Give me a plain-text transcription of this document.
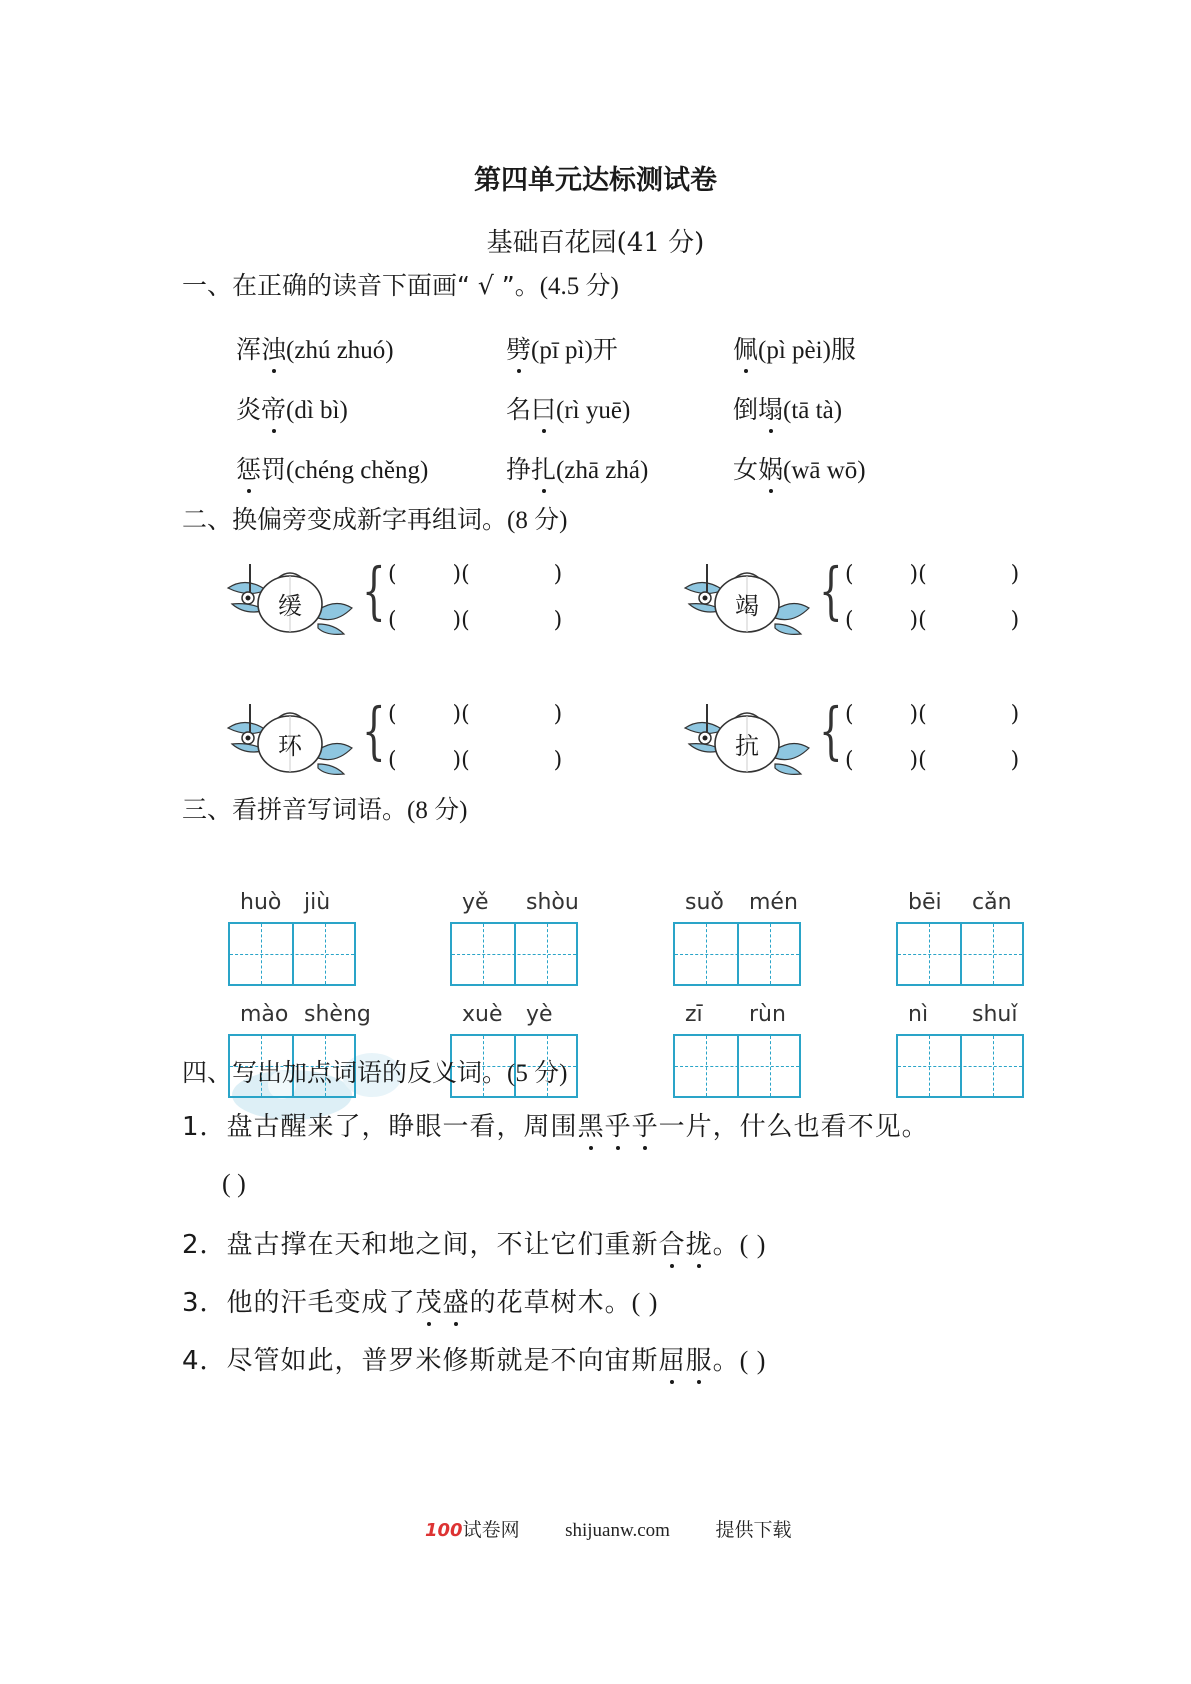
第四单元达标测试卷
基础百花园(41 分)
一、在正确的读音下面画“ √ ”。(4.5 分)
浑浊(zhú zhuó)	劈(pī pì)开	佩(pì pèi)服
炎帝(dì bì)	名曰(rì yuē)	倒塌(tā tà)
惩罚(chéng chěng)	挣扎(zhā zhá)	女娲(wā wō)
二、换偏旁变成新字再组词。(8 分)
缓 { (        )(            )
(        )(            )
竭 { (        )(            )
(        )(            )
环 { (        )(            )
(        )(            )
抗 { (        )(            )
(        )(            )
三、看拼音写词语。(8 分)
huò jiù	yě shòu	suǒ mén	bēi cǎn
mào shèng	xuè yè	zī rùn	nì shuǐ
四、写出加点词语的反义词。(5 分)
1．盘古醒来了，睁眼一看，周围黑乎乎一片，什么也看不见。
( )
2．盘古撑在天和地之间，不让它们重新合拢。( )
3．他的汗毛变成了茂盛的花草树木。( )
4．尽管如此，普罗米修斯就是不向宙斯屈服。( )
100试卷网 shijuanw.com 提供下载
